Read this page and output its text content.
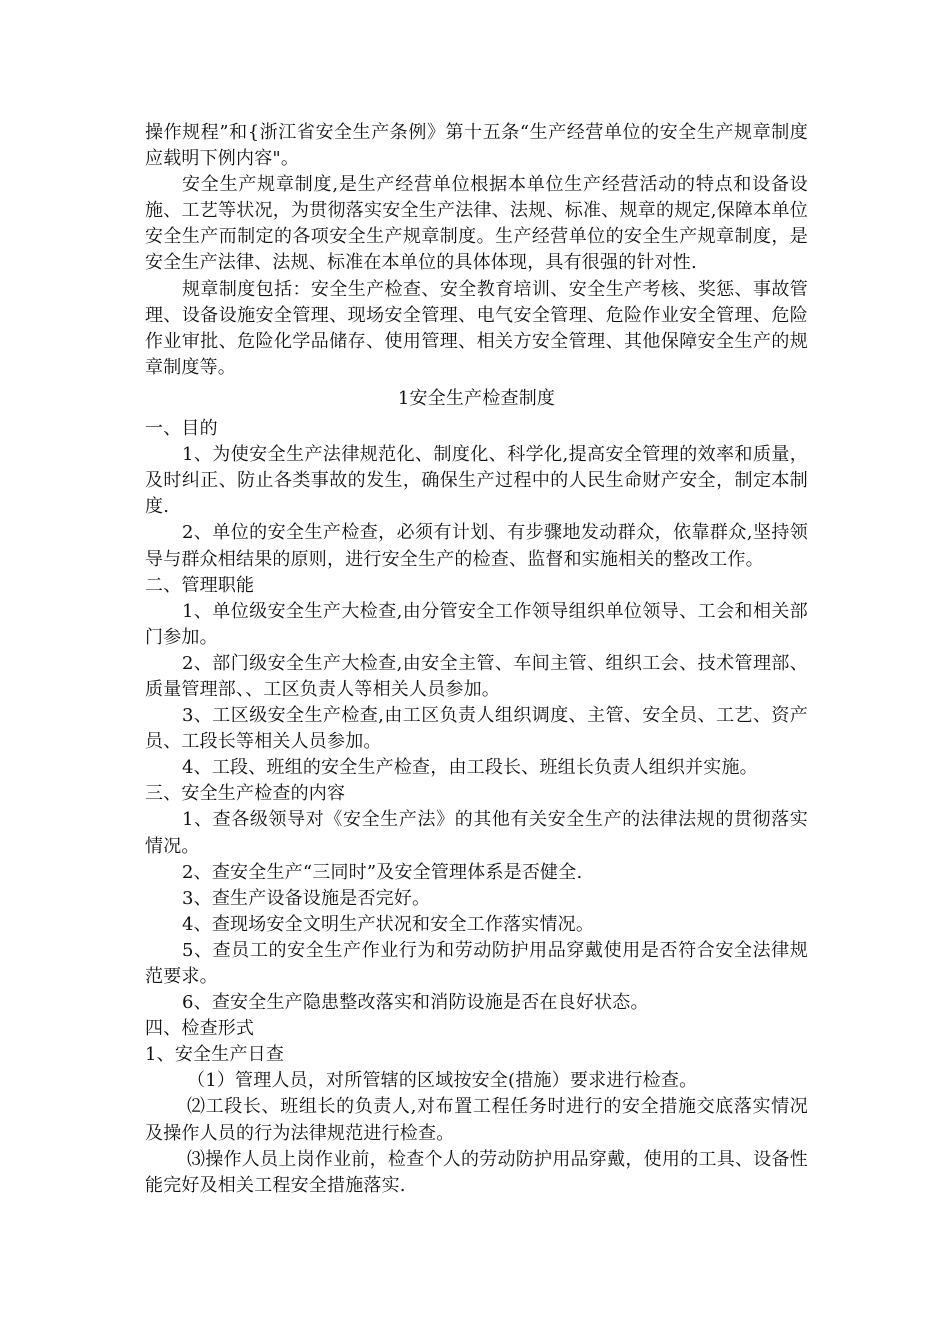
操作规程”和{浙江省安全生产条例》第十五条“生产经营单位的安全生产规章制度应载明下例内容"。

安全生产规章制度,是生产经营单位根据本单位生产经营活动的特点和设备设施、工艺等状况，为贯彻落实安全生产法律、法规、标准、规章的规定,保障本单位安全生产而制定的各项安全生产规章制度。生产经营单位的安全生产规章制度，是安全生产法律、法规、标准在本单位的具体体现，具有很强的针对性.

规章制度包括：安全生产检查、安全教育培训、安全生产考核、奖惩、事故管理、设备设施安全管理、现场安全管理、电气安全管理、危险作业安全管理、危险作业审批、危险化学品储存、使用管理、相关方安全管理、其他保障安全生产的规章制度等。

1安全生产检查制度

一、目的

1、为使安全生产法律规范化、制度化、科学化,提高安全管理的效率和质量，及时纠正、防止各类事故的发生，确保生产过程中的人民生命财产安全，制定本制度.

2、单位的安全生产检查，必须有计划、有步骤地发动群众，依靠群众,坚持领导与群众相结果的原则，进行安全生产的检查、监督和实施相关的整改工作。

二、管理职能

1、单位级安全生产大检查,由分管安全工作领导组织单位领导、工会和相关部门参加。

2、部门级安全生产大检查,由安全主管、车间主管、组织工会、技术管理部、质量管理部、、工区负责人等相关人员参加。

3、工区级安全生产检查,由工区负责人组织调度、主管、安全员、工艺、资产员、工段长等相关人员参加。

4、工段、班组的安全生产检查，由工段长、班组长负责人组织并实施。

三、安全生产检查的内容

1、查各级领导对《安全生产法》的其他有关安全生产的法律法规的贯彻落实情况。

2、查安全生产“三同时”及安全管理体系是否健全.

3、查生产设备设施是否完好。

4、查现场安全文明生产状况和安全工作落实情况。

5、查员工的安全生产作业行为和劳动防护用品穿戴使用是否符合安全法律规范要求。

6、查安全生产隐患整改落实和消防设施是否在良好状态。

四、检查形式

1、安全生产日查

（1）管理人员，对所管辖的区域按安全(措施）要求进行检查。

⑵工段长、班组长的负责人,对布置工程任务时进行的安全措施交底落实情况及操作人员的行为法律规范进行检查。

⑶操作人员上岗作业前，检查个人的劳动防护用品穿戴，使用的工具、设备性能完好及相关工程安全措施落实.
